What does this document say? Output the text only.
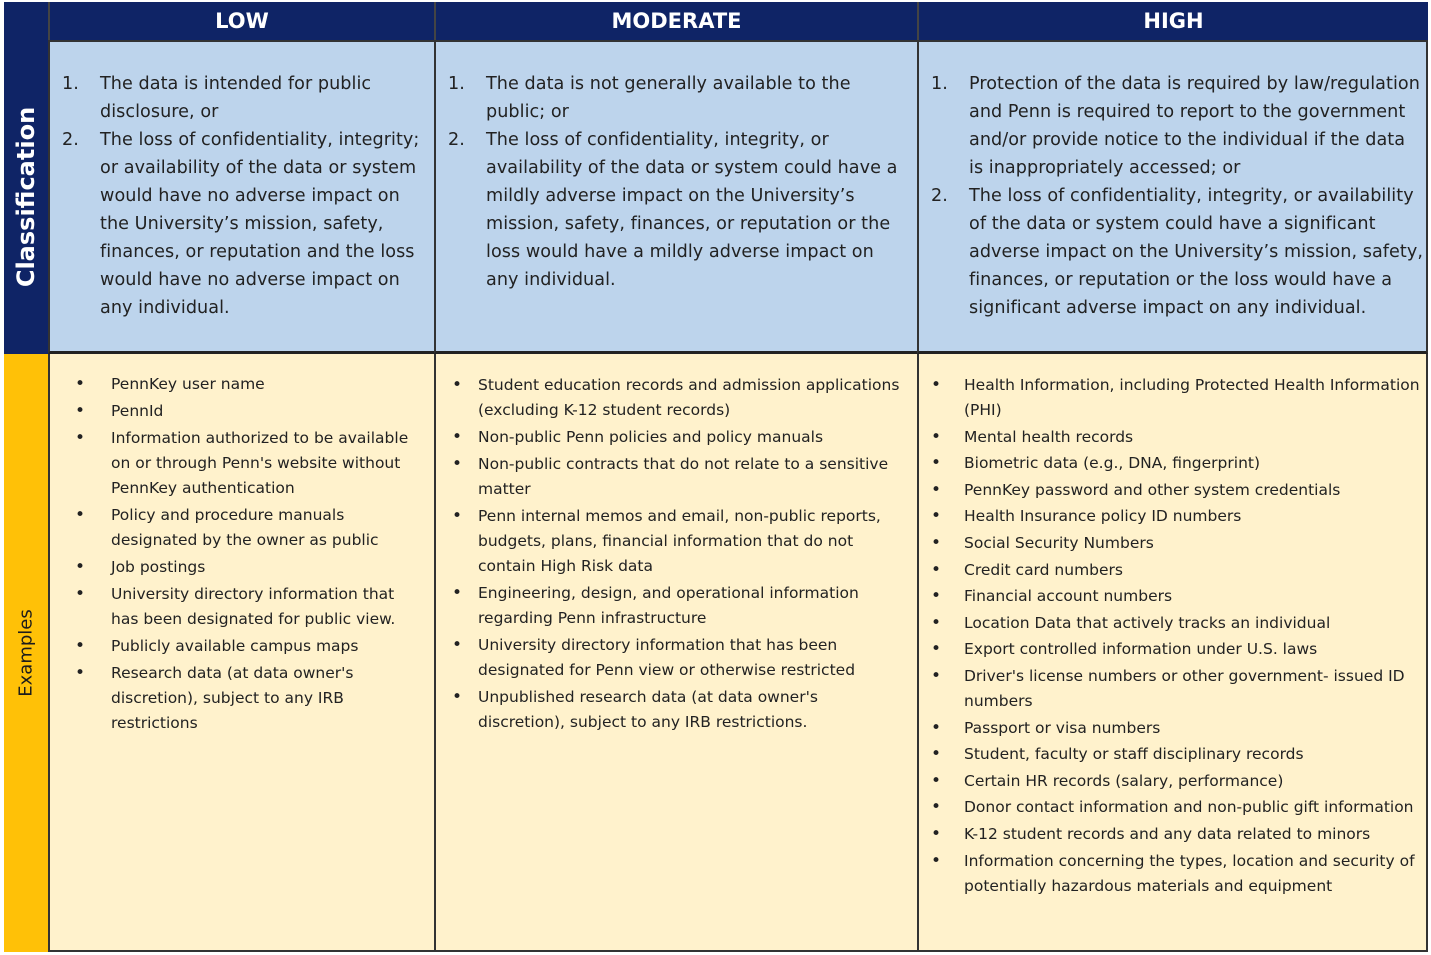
LOW	MODERATE	HIGH
Classification
Examples
1. The data is intended for public disclosure, or
2. The loss of confidentiality, integrity; or availability of the data or system would have no adverse impact on the University’s mission, safety, finances, or reputation and the loss would have no adverse impact on any individual.
1. The data is not generally available to the public; or
2. The loss of confidentiality, integrity, or availability of the data or system could have a mildly adverse impact on the University’s mission, safety, finances, or reputation or the loss would have a mildly adverse impact on any individual.
1. Protection of the data is required by law/regulation and Penn is required to report to the government and/or provide notice to the individual if the data is inappropriately accessed; or
2. The loss of confidentiality, integrity, or availability of the data or system could have a significant adverse impact on the University’s mission, safety, finances, or reputation or the loss would have a significant adverse impact on any individual.
• PennKey user name
• PennId
• Information authorized to be available on or through Penn's website without PennKey authentication
• Policy and procedure manuals designated by the owner as public
• Job postings
• University directory information that has been designated for public view.
• Publicly available campus maps
• Research data (at data owner's discretion), subject to any IRB restrictions
• Student education records and admission applications (excluding K-12 student records)
• Non-public Penn policies and policy manuals
• Non-public contracts that do not relate to a sensitive matter
• Penn internal memos and email, non-public reports, budgets, plans, financial information that do not contain High Risk data
• Engineering, design, and operational information regarding Penn infrastructure
• University directory information that has been designated for Penn view or otherwise restricted
• Unpublished research data (at data owner's discretion), subject to any IRB restrictions.
• Health Information, including Protected Health Information (PHI)
• Mental health records
• Biometric data (e.g., DNA, fingerprint)
• PennKey password and other system credentials
• Health Insurance policy ID numbers
• Social Security Numbers
• Credit card numbers
• Financial account numbers
• Location Data that actively tracks an individual
• Export controlled information under U.S. laws
• Driver's license numbers or other government- issued ID numbers
• Passport or visa numbers
• Student, faculty or staff disciplinary records
• Certain HR records (salary, performance)
• Donor contact information and non-public gift information
• K-12 student records and any data related to minors
• Information concerning the types, location and security of potentially hazardous materials and equipment
